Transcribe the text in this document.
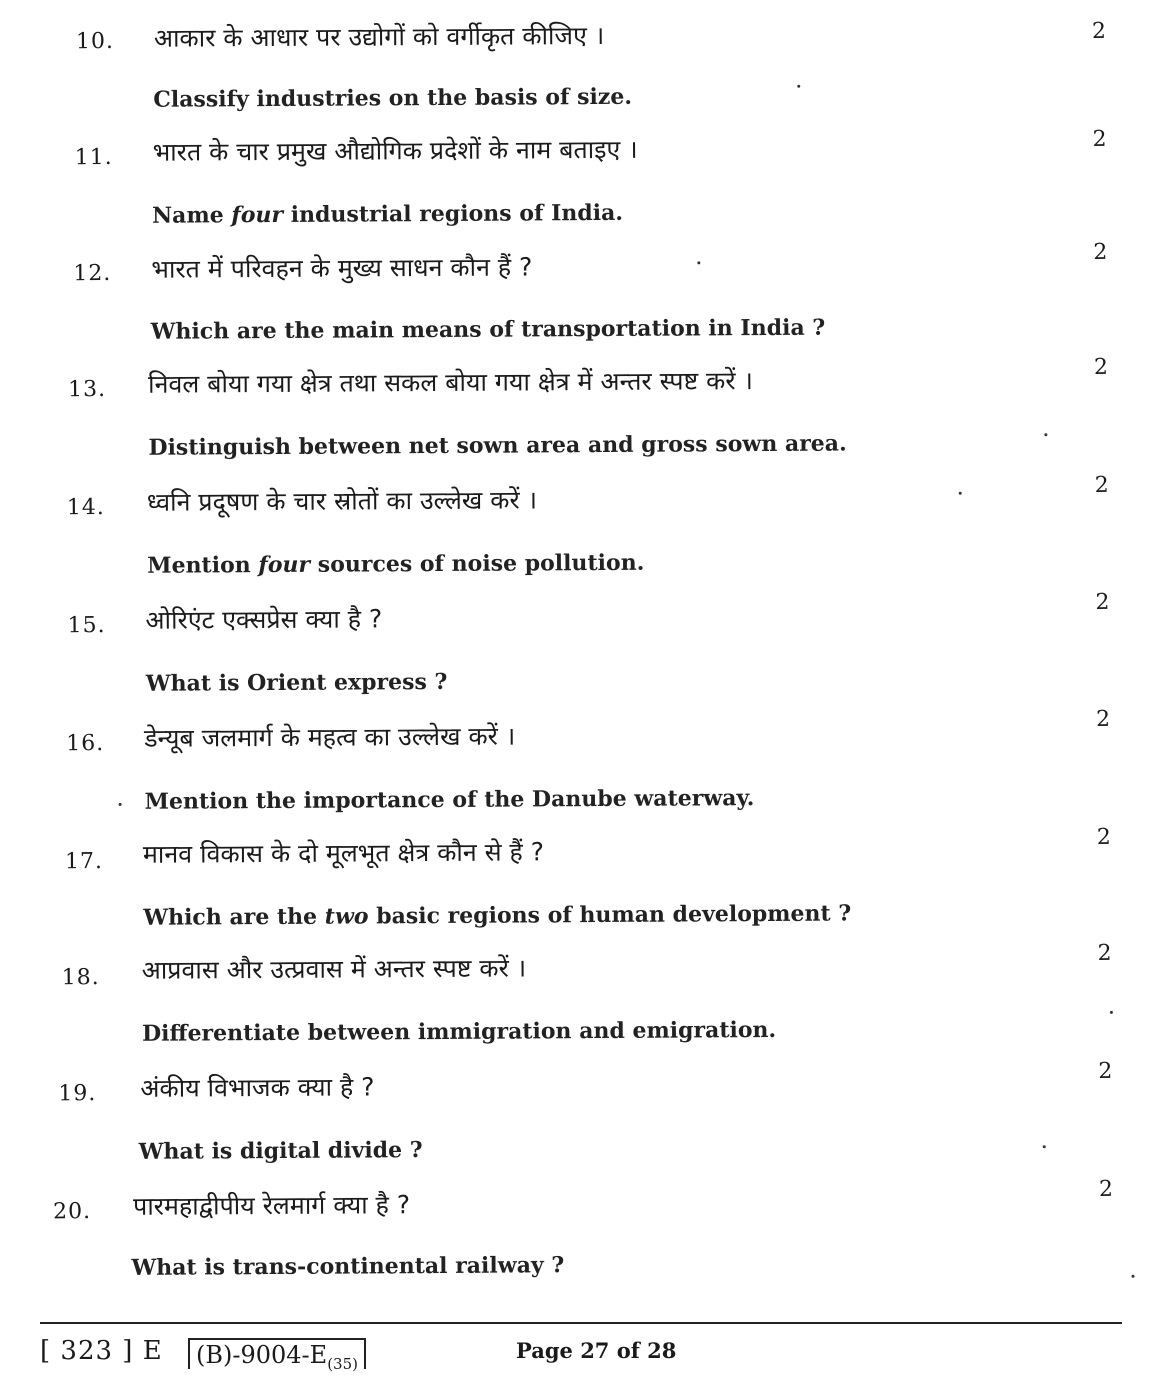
10. आकार के आधार पर उद्योगों को वर्गीकृत कीजिए ।	2
Classify industries on the basis of size.
11. भारत के चार प्रमुख औद्योगिक प्रदेशों के नाम बताइए ।	2
Name four industrial regions of India.
12. भारत में परिवहन के मुख्य साधन कौन हैं ?	2
Which are the main means of transportation in India ?
13. निवल बोया गया क्षेत्र तथा सकल बोया गया क्षेत्र में अन्तर स्पष्ट करें ।	2
Distinguish between net sown area and gross sown area.
14. ध्वनि प्रदूषण के चार स्रोतों का उल्लेख करें ।	2
Mention four sources of noise pollution.
15. ओरिएंट एक्सप्रेस क्या है ?
2
What is Orient express ?
16. डेन्यूब जलमार्ग के महत्व का उल्लेख करें ।
2
Mention the importance of the Danube waterway.
17. मानव विकास के दो मूलभूत क्षेत्र कौन से हैं ?	2
Which are the two basic regions of human development ?
18. आप्रवास और उत्प्रवास में अन्तर स्पष्ट करें ।
2
Differentiate between immigration and emigration.
19. अंकीय विभाजक क्या है ?
2
What is digital divide ?
20. पारमहाद्वीपीय रेलमार्ग क्या है ?
2
What is trans-continental railway ?
[ 323 ] E	$(B)-9004-E_{(35)}$
Page 27 of 28
